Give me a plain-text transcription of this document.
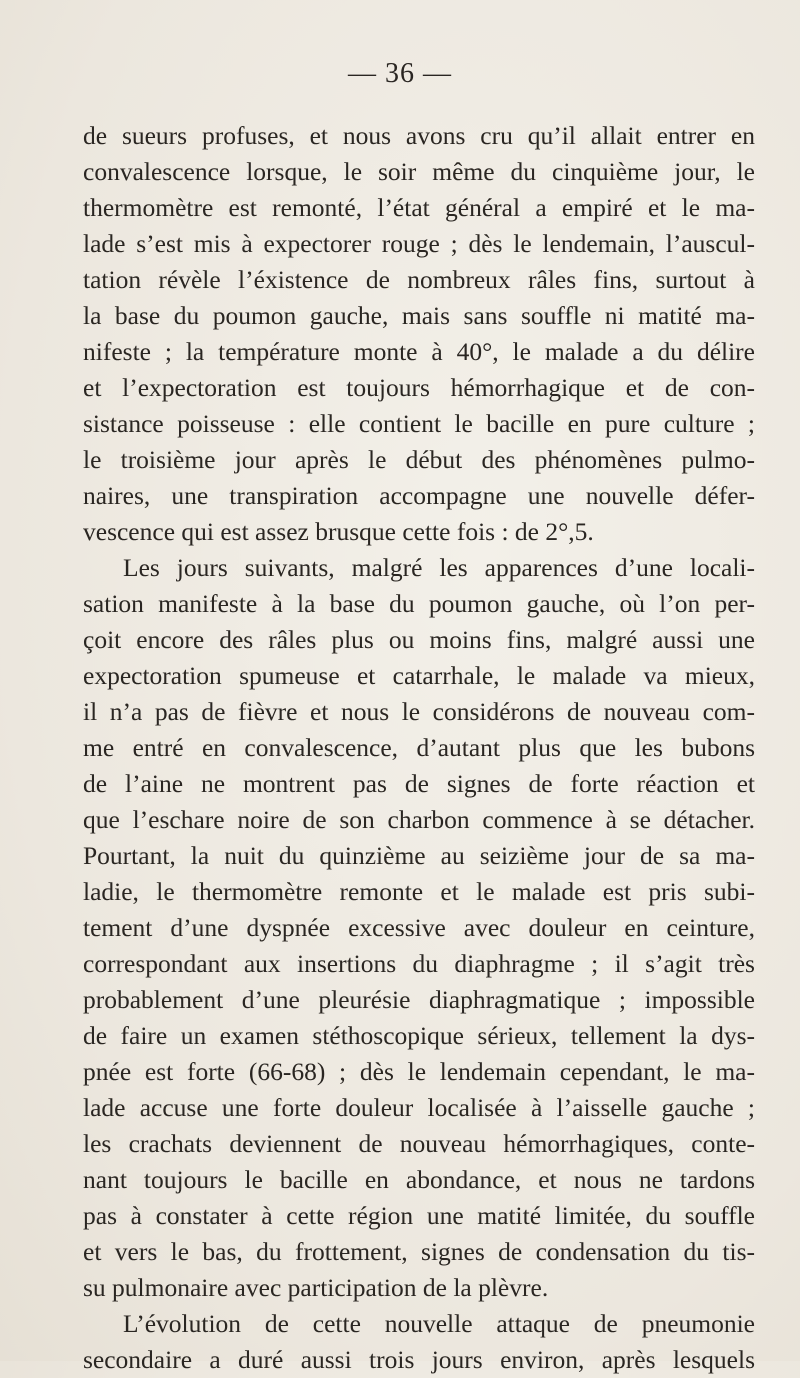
— 36 —
de sueurs profuses, et nous avons cru qu’il allait entrer en
convalescence lorsque, le soir même du cinquième jour, le
thermomètre est remonté, l’état général a empiré et le ma-
lade s’est mis à expectorer rouge ; dès le lendemain, l’auscul-
tation révèle l’éxistence de nombreux râles fins, surtout à
la base du poumon gauche, mais sans souffle ni matité ma-
nifeste ; la température monte à 40°, le malade a du délire
et l’expectoration est toujours hémorrhagique et de con-
sistance poisseuse : elle contient le bacille en pure culture ;
le troisième jour après le début des phénomènes pulmo-
naires, une transpiration accompagne une nouvelle défer-
vescence qui est assez brusque cette fois : de 2°,5.
Les jours suivants, malgré les apparences d’une locali-
sation manifeste à la base du poumon gauche, où l’on per-
çoit encore des râles plus ou moins fins, malgré aussi une
expectoration spumeuse et catarrhale, le malade va mieux,
il n’a pas de fièvre et nous le considérons de nouveau com-
me entré en convalescence, d’autant plus que les bubons
de l’aine ne montrent pas de signes de forte réaction et
que l’eschare noire de son charbon commence à se détacher.
Pourtant, la nuit du quinzième au seizième jour de sa ma-
ladie, le thermomètre remonte et le malade est pris subi-
tement d’une dyspnée excessive avec douleur en ceinture,
correspondant aux insertions du diaphragme ; il s’agit très
probablement d’une pleurésie diaphragmatique ; impossible
de faire un examen stéthoscopique sérieux, tellement la dys-
pnée est forte (66-68) ; dès le lendemain cependant, le ma-
lade accuse une forte douleur localisée à l’aisselle gauche ;
les crachats deviennent de nouveau hémorrhagiques, conte-
nant toujours le bacille en abondance, et nous ne tardons
pas à constater à cette région une matité limitée, du souffle
et vers le bas, du frottement, signes de condensation du tis-
su pulmonaire avec participation de la plèvre.
L’évolution de cette nouvelle attaque de pneumonie
secondaire a duré aussi trois jours environ, après lesquels
